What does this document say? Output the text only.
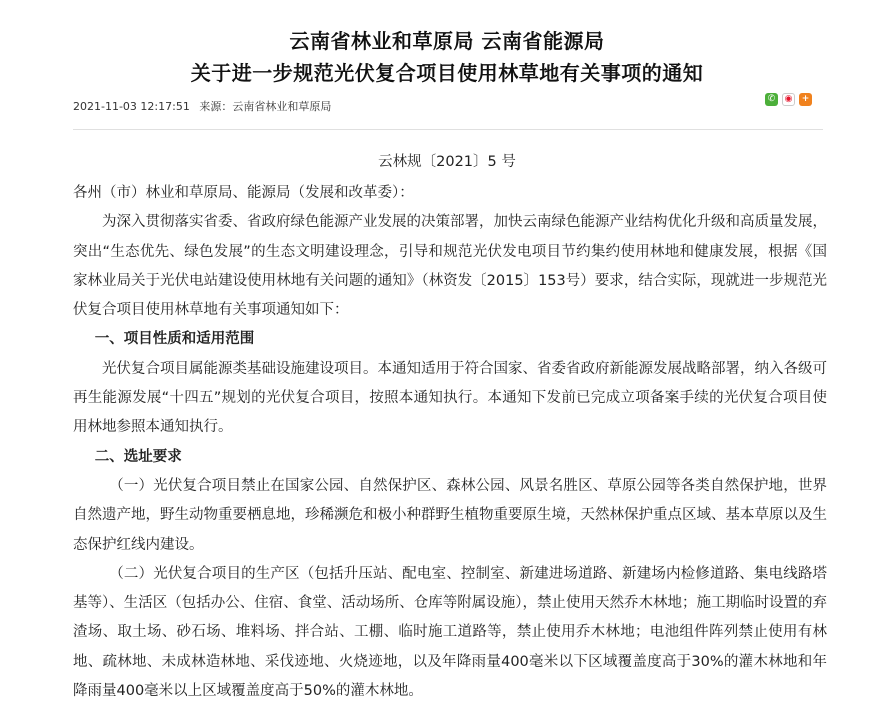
云南省林业和草原局 云南省能源局
关于进一步规范光伏复合项目使用林草地有关事项的通知
2021-11-03 12:17:51 来源：云南省林业和草原局
✆	◉	+
云林规〔2021〕5 号

各州（市）林业和草原局、能源局（发展和改革委）：

为深入贯彻落实省委、省政府绿色能源产业发展的决策部署，加快云南绿色能源产业结构优化升级和高质量发展，突出“生态优先、绿色发展”的生态文明建设理念，引导和规范光伏发电项目节约集约使用林地和健康发展，根据《国家林业局关于光伏电站建设使用林地有关问题的通知》（林资发〔2015〕153号）要求，结合实际，现就进一步规范光伏复合项目使用林草地有关事项通知如下：

一、项目性质和适用范围

光伏复合项目属能源类基础设施建设项目。本通知适用于符合国家、省委省政府新能源发展战略部署，纳入各级可再生能源发展“十四五”规划的光伏复合项目，按照本通知执行。本通知下发前已完成立项备案手续的光伏复合项目使用林地参照本通知执行。

二、选址要求

（一）光伏复合项目禁止在国家公园、自然保护区、森林公园、风景名胜区、草原公园等各类自然保护地，世界自然遗产地，野生动物重要栖息地，珍稀濒危和极小种群野生植物重要原生境，天然林保护重点区域、基本草原以及生态保护红线内建设。

（二）光伏复合项目的生产区（包括升压站、配电室、控制室、新建进场道路、新建场内检修道路、集电线路塔基等）、生活区（包括办公、住宿、食堂、活动场所、仓库等附属设施），禁止使用天然乔木林地；施工期临时设置的弃渣场、取土场、砂石场、堆料场、拌合站、工棚、临时施工道路等，禁止使用乔木林地；电池组件阵列禁止使用有林地、疏林地、未成林造林地、采伐迹地、火烧迹地，以及年降雨量400毫米以下区域覆盖度高于30%的灌木林地和年降雨量400毫米以上区域覆盖度高于50%的灌木林地。
